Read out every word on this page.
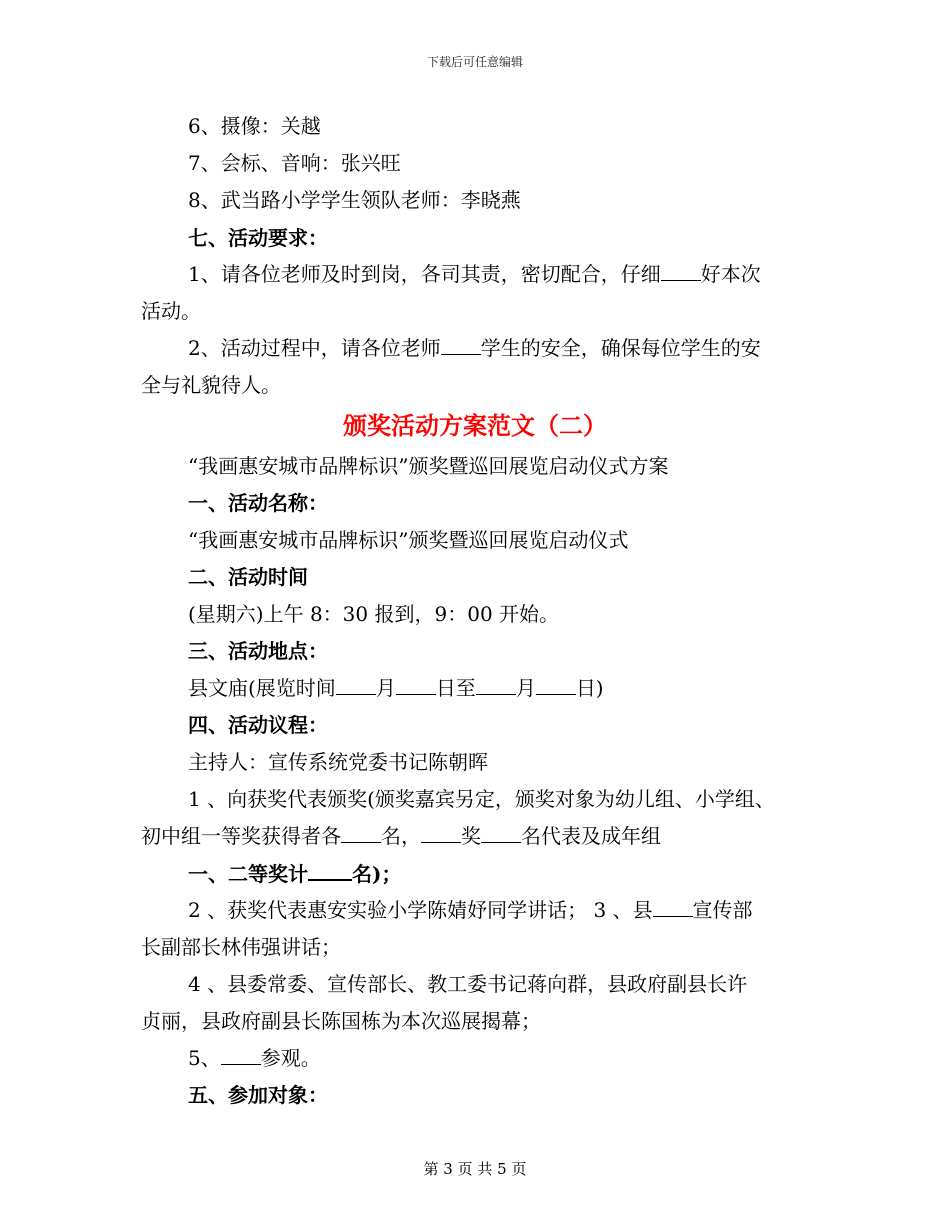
下载后可任意编辑
6、摄像：关越
7、会标、音响：张兴旺
8、武当路小学学生领队老师：李晓燕
七、活动要求：
1、请各位老师及时到岗，各司其责，密切配合，仔细 好本次
活动。
2、活动过程中，请各位老师 学生的安全，确保每位学生的安
全与礼貌待人。
颁奖活动方案范文（二）
“我画惠安城市品牌标识”颁奖暨巡回展览启动仪式方案
一、活动名称：
“我画惠安城市品牌标识”颁奖暨巡回展览启动仪式
二、活动时间
(星期六)上午 8：30 报到，9：00 开始。
三、活动地点：
县文庙(展览时间 月 日至 月 日)
四、活动议程：
主持人：宣传系统党委书记陈朝晖
1 、向获奖代表颁奖(颁奖嘉宾另定，颁奖对象为幼儿组、小学组、
初中组一等奖获得者各 名， 奖 名代表及成年组
一、二等奖计 名)；
2 、获奖代表惠安实验小学陈婧妤同学讲话； 3 、县 宣传部
长副部长林伟强讲话；
4 、县委常委、宣传部长、教工委书记蒋向群，县政府副县长许
贞丽，县政府副县长陈国栋为本次巡展揭幕；
5、 参观。
五、参加对象：
第 3 页 共 5 页
